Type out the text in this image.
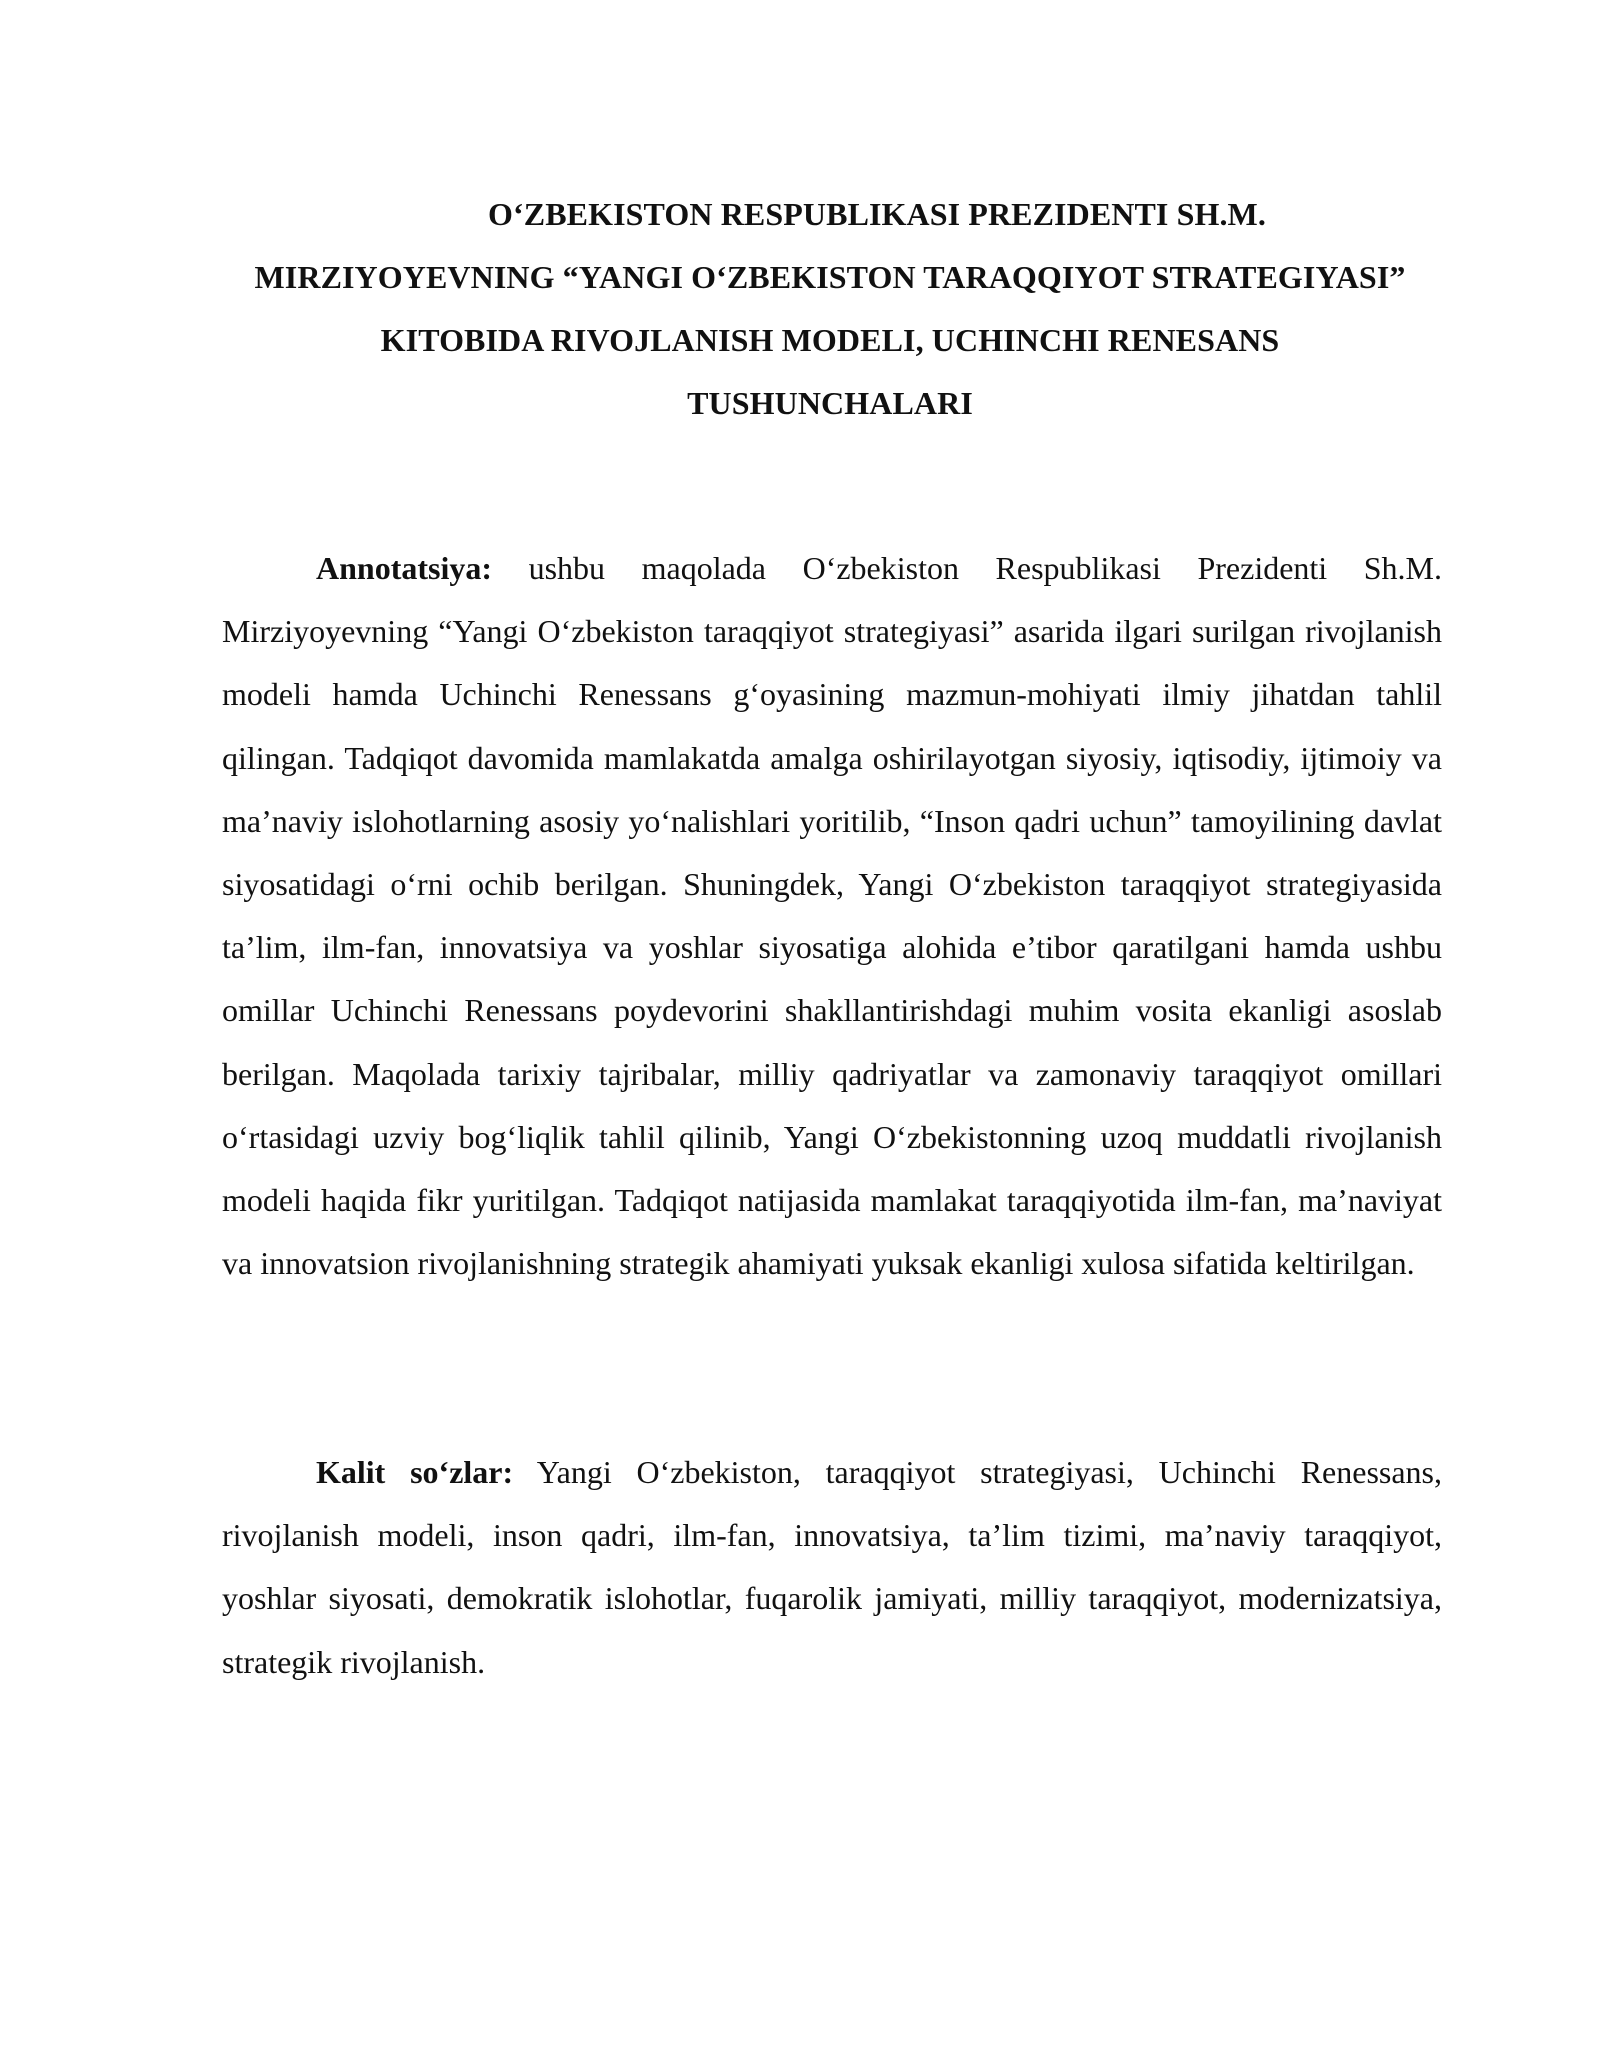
O‘ZBEKISTON RESPUBLIKASI PREZIDENTI SH.M. MIRZIYOYEVNING “YANGI O‘ZBEKISTON TARAQQIYOT STRATEGIYASI” KITOBIDA RIVOJLANISH MODELI, UCHINCHI RENESANS TUSHUNCHALARI

Annotatsiya: ushbu maqolada O‘zbekiston Respublikasi Prezidenti Sh.M. Mirziyoyevning “Yangi O‘zbekiston taraqqiyot strategiyasi” asarida ilgari surilgan rivojlanish modeli hamda Uchinchi Renessans g‘oyasining mazmun-mohiyati ilmiy jihatdan tahlil qilingan. Tadqiqot davomida mamlakatda amalga oshirilayotgan siyosiy, iqtisodiy, ijtimoiy va ma’naviy islohotlarning asosiy yo‘nalishlari yoritilib, “Inson qadri uchun” tamoyilining davlat siyosatidagi o‘rni ochib berilgan. Shuningdek, Yangi O‘zbekiston taraqqiyot strategiyasida ta’lim, ilm-fan, innovatsiya va yoshlar siyosatiga alohida e’tibor qaratilgani hamda ushbu omillar Uchinchi Renessans poydevorini shakllantirishdagi muhim vosita ekanligi asoslab berilgan. Maqolada tarixiy tajribalar, milliy qadriyatlar va zamonaviy taraqqiyot omillari o‘rtasidagi uzviy bog‘liqlik tahlil qilinib, Yangi O‘zbekistonning uzoq muddatli rivojlanish modeli haqida fikr yuritilgan. Tadqiqot natijasida mamlakat taraqqiyotida ilm-fan, ma’naviyat va innovatsion rivojlanishning strategik ahamiyati yuksak ekanligi xulosa sifatida keltirilgan.

Kalit so‘zlar: Yangi O‘zbekiston, taraqqiyot strategiyasi, Uchinchi Renessans, rivojlanish modeli, inson qadri, ilm-fan, innovatsiya, ta’lim tizimi, ma’naviy taraqqiyot, yoshlar siyosati, demokratik islohotlar, fuqarolik jamiyati, milliy taraqqiyot, modernizatsiya, strategik rivojlanish.
